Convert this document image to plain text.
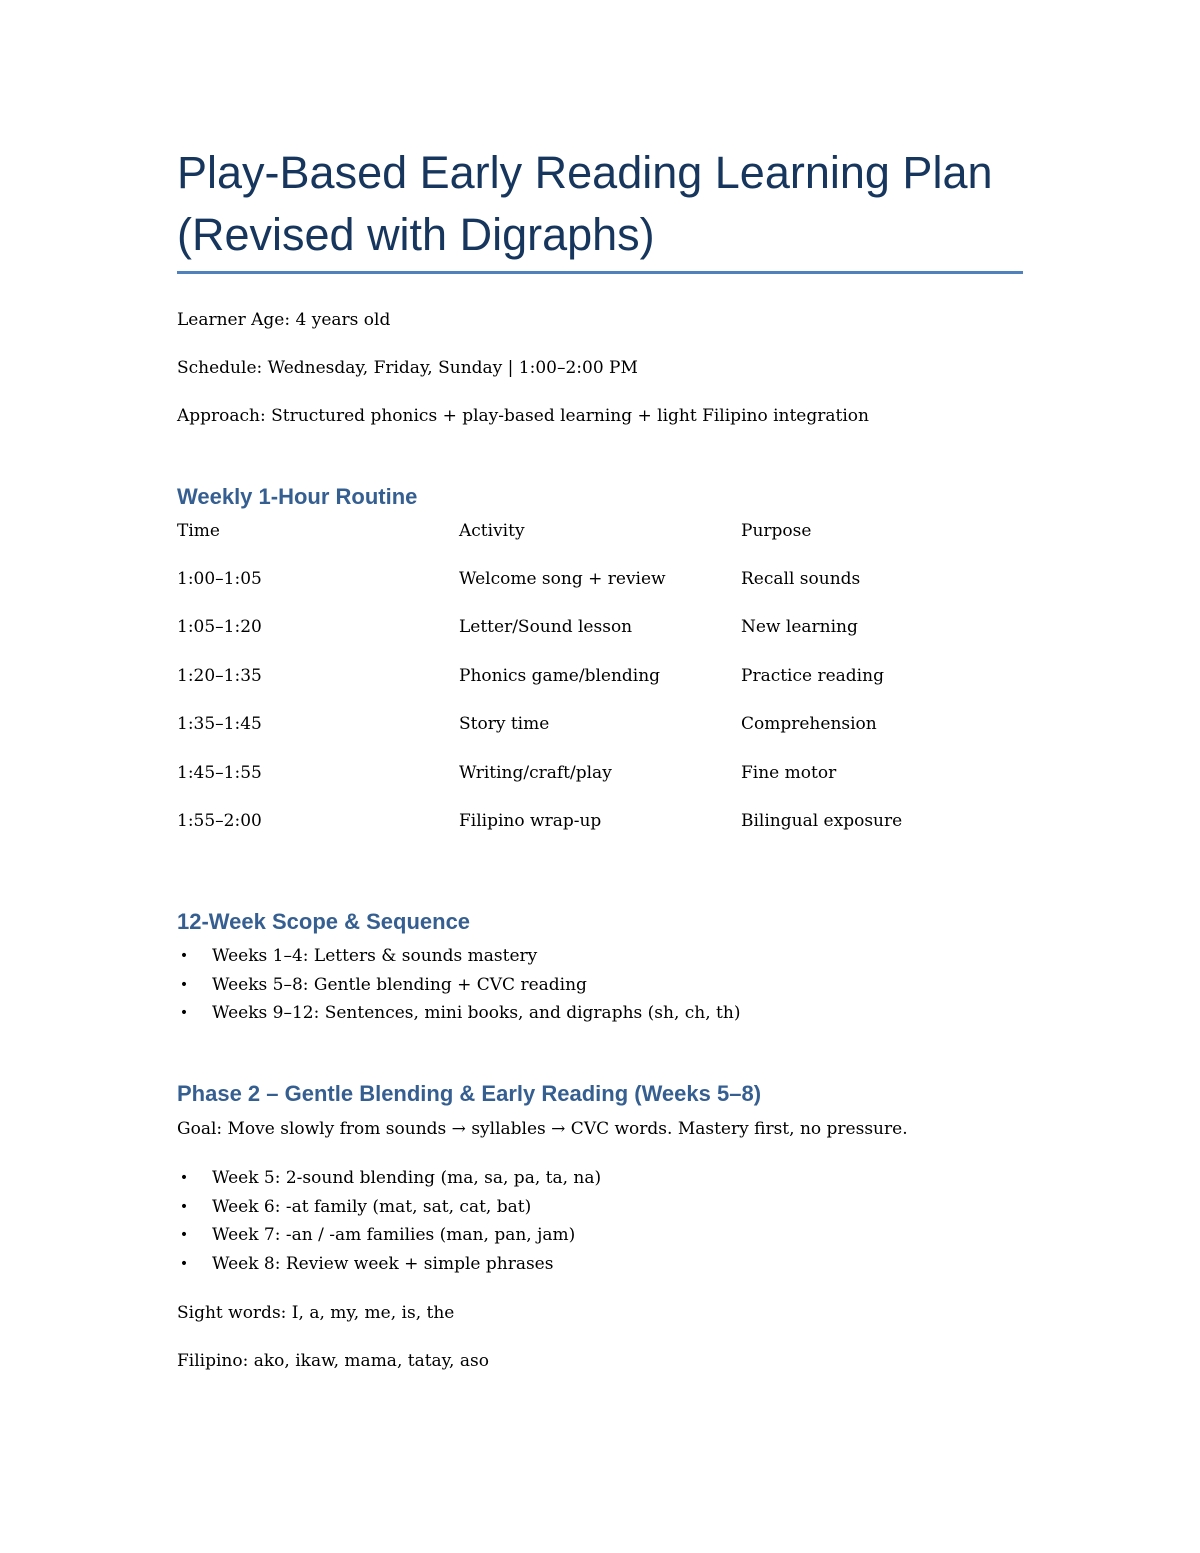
Play-Based Early Reading Learning Plan
(Revised with Digraphs)
Learner Age: 4 years old
Schedule: Wednesday, Friday, Sunday | 1:00–2:00 PM
Approach: Structured phonics + play-based learning + light Filipino integration
Weekly 1-Hour Routine
Time	Activity	Purpose
1:00–1:05	Welcome song + review	Recall sounds
1:05–1:20	Letter/Sound lesson	New learning
1:20–1:35	Phonics game/blending	Practice reading
1:35–1:45	Story time	Comprehension
1:45–1:55	Writing/craft/play	Fine motor
1:55–2:00	Filipino wrap-up	Bilingual exposure
12-Week Scope & Sequence
• Weeks 1–4: Letters & sounds mastery
• Weeks 5–8: Gentle blending + CVC reading
• Weeks 9–12: Sentences, mini books, and digraphs (sh, ch, th)
Phase 2 – Gentle Blending & Early Reading (Weeks 5–8)
Goal: Move slowly from sounds → syllables → CVC words. Mastery first, no pressure.
• Week 5: 2-sound blending (ma, sa, pa, ta, na)
• Week 6: -at family (mat, sat, cat, bat)
• Week 7: -an / -am families (man, pan, jam)
• Week 8: Review week + simple phrases
Sight words: I, a, my, me, is, the
Filipino: ako, ikaw, mama, tatay, aso
